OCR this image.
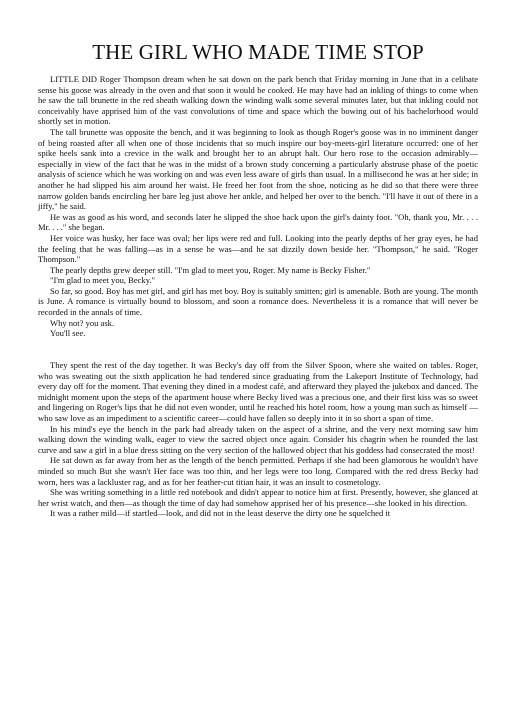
THE GIRL WHO MADE TIME STOP

LITTLE DID Roger Thompson dream when he sat down on the park bench that Friday morning in June that in a celibate sense his goose was already in the oven and that soon it would be cooked. He may have had an inkling of things to come when he saw the tall brunette in the red sheath walking down the winding walk some several minutes later, but that inkling could not conceivably have apprised him of the vast convolutions of time and space which the bowing out of his bachelorhood would shortly set in motion.

The tall brunette was opposite the bench, and it was beginning to look as though Roger's goose was in no imminent danger of being roasted after all when one of those incidents that so much inspire our boy-meets-girl literature occurred: one of her spike heels sank into a crevice in the walk and brought her to an abrupt halt. Our hero rose to the occasion admirably—especially in view of the fact that he was in the midst of a brown study concerning a particularly abstruse phase of the poetic analysis of science which he was working on and was even less aware of girls than usual. In a millisecond he was at her side; in another he had slipped his aim around her waist. He freed her foot from the shoe, noticing as he did so that there were three narrow golden bands encircling her bare leg just above her ankle, and helped her over to the bench. "I'll have it out of there in a jiffy," he said.

He was as good as his word, and seconds later he slipped the shoe back upon the girl's dainty foot. "Oh, thank you, Mr. . . . Mr. . . ." she began.

Her voice was husky, her face was oval; her lips were red and full. Looking into the pearly depths of her gray eyes, he had the feeling that he was falling—as in a sense he was—and he sat dizzily down beside her. "Thompson," he said. "Roger Thompson."

The pearly depths grew deeper still. "I'm glad to meet you, Roger. My name is Becky Fisher."

"I'm glad to meet you, Becky."

So far, so good. Boy has met girl, and girl has met boy. Boy is suitably smitten; girl is amenable. Both are young. The month is June. A romance is virtually bound to blossom, and soon a romance does. Nevertheless it is a romance that will never be recorded in the annals of time.

Why not? you ask.

You'll see.

They spent the rest of the day together. It was Becky's day off from the Silver Spoon, where she waited on tables. Roger, who was sweating out the sixth application he had tendered since graduating from the Lakeport Institute of Technology, had every day off for the moment. That evening they dined in a modest café, and afterward they played the jukebox and danced. The midnight moment upon the steps of the apartment house where Becky lived was a precious one, and their first kiss was so sweet and lingering on Roger's lips that he did not even wonder, until he reached his hotel room, how a young man such as himself —who saw love as an impediment to a scientific career—could have fallen so deeply into it in so short a span of time.

In his mind's eye the bench in the park had already taken on the aspect of a shrine, and the very next morning saw him walking down the winding walk, eager to view the sacred object once again. Consider his chagrin when he rounded the last curve and saw a girl in a blue dress sitting on the very section of the hallowed object that his goddess had consecrated the most!

He sat down as far away from her as the length of the bench permitted. Perhaps if she had been glamorous he wouldn't have minded so much But she wasn't Her face was too thin, and her legs were too long. Compared with the red dress Becky had worn, hers was a lackluster rag, and as for her feather-cut titian hair, it was an insult to cosmetology.

She was writing something in a little red notebook and didn't appear to notice him at first. Presently, however, she glanced at her wrist watch, and then—as though the time of day had somehow apprised her of his presence—she looked in his direction.

It was a rather mild—if startled—look, and did not in the least deserve the dirty one he squelched it
